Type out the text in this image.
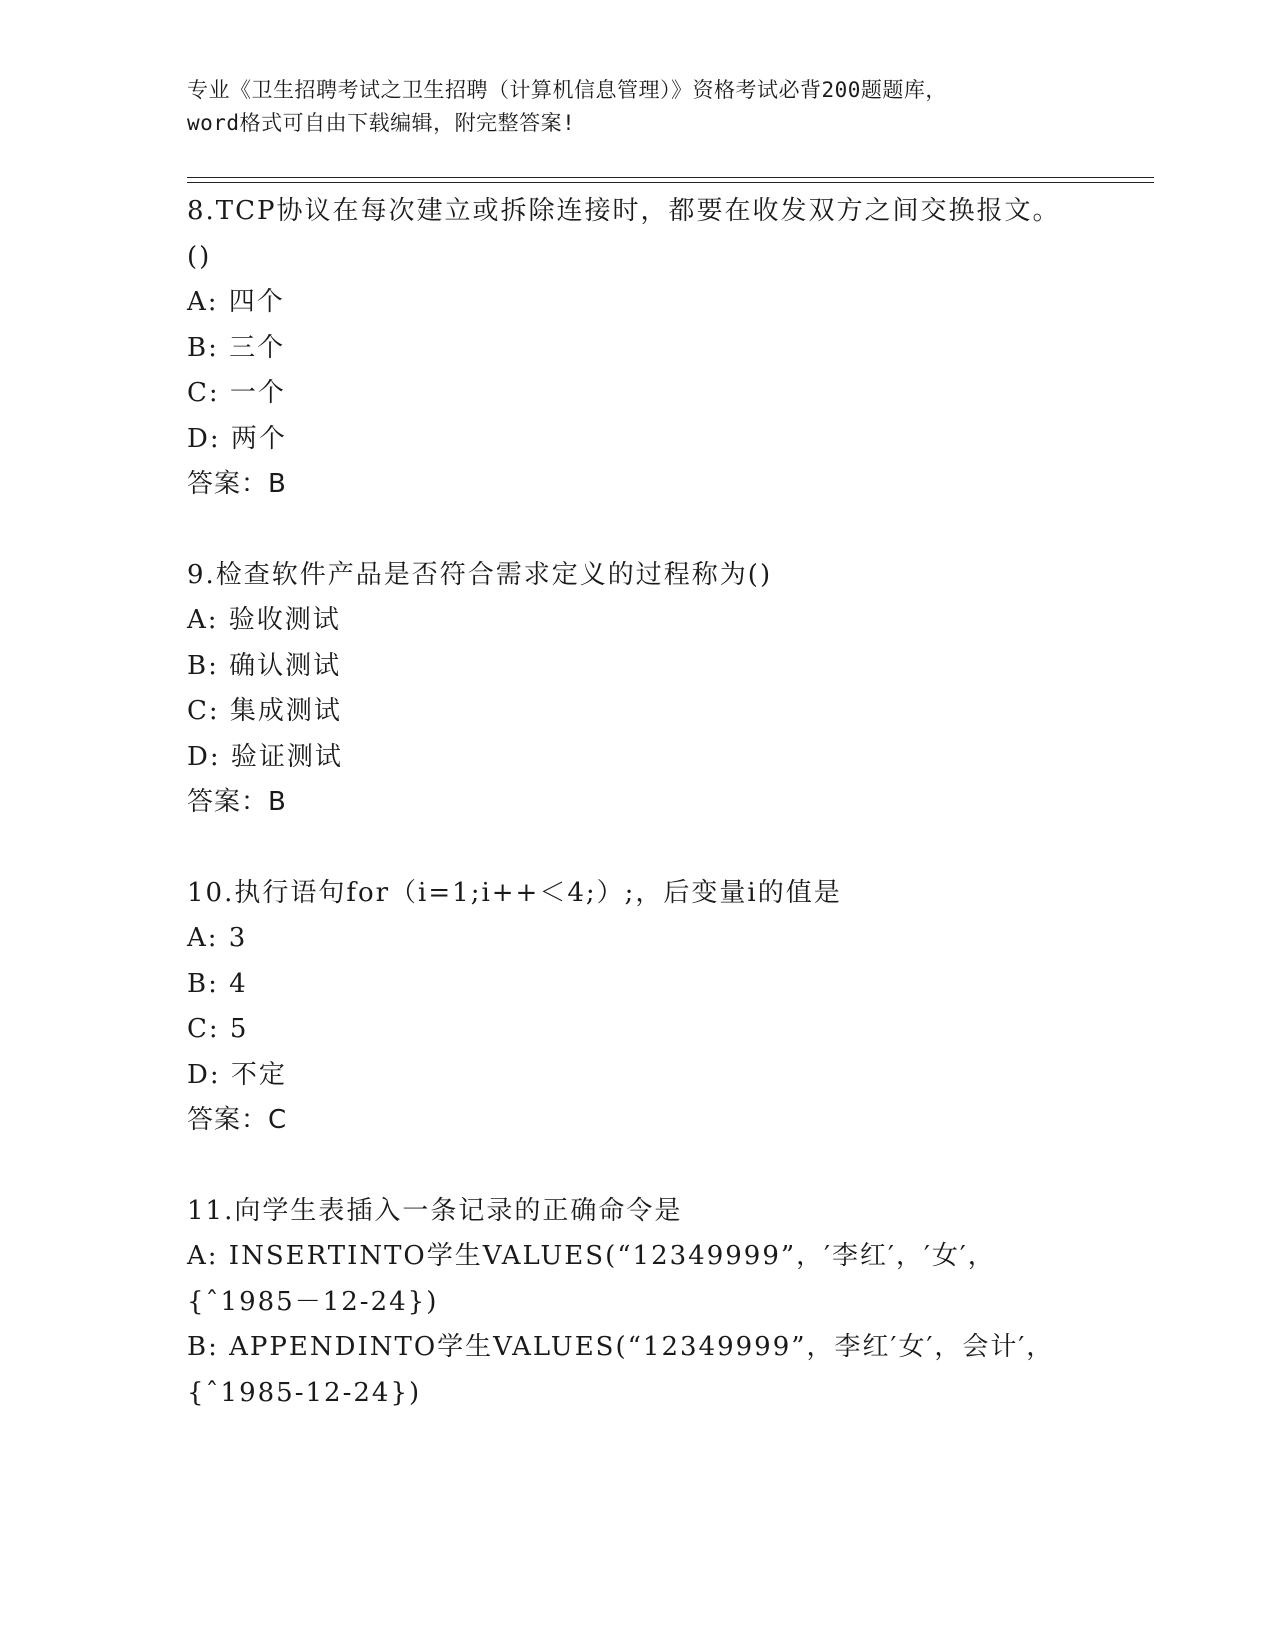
专业《卫生招聘考试之卫生招聘（计算机信息管理）》资格考试必背200题题库，
word格式可自由下载编辑，附完整答案!
8.TCP协议在每次建立或拆除连接时，都要在收发双方之间交换报文。
()
A: 四个
B: 三个
C: 一个
D: 两个
答案：B
9.检查软件产品是否符合需求定义的过程称为()
A: 验收测试
B: 确认测试
C: 集成测试
D: 验证测试
答案：B
10.执行语句for（i=1;i++＜4;）;，后变量i的值是
A: 3
B: 4
C: 5
D: 不定
答案：C
11.向学生表插入一条记录的正确命令是
A: INSERTINTO学生VALUES(“12349999”，′李红′，′女′，
{ˆ1985－12-24})
B: APPENDINTO学生VALUES(“12349999”，李红′女′，会计′，
{ˆ1985-12-24})
